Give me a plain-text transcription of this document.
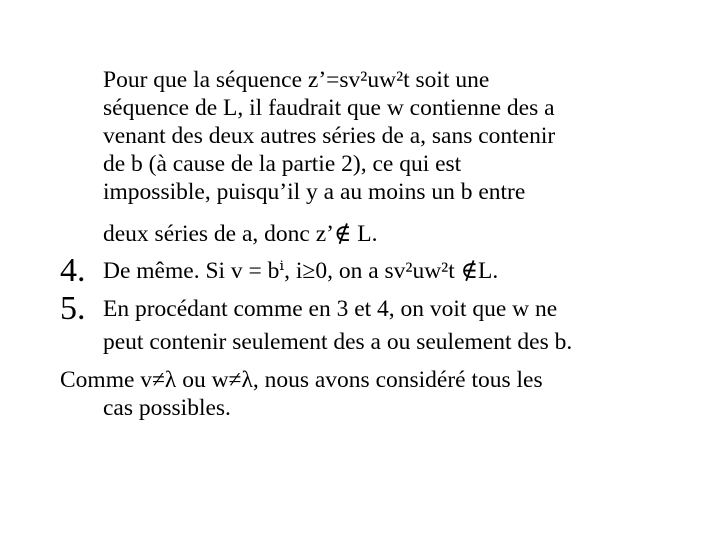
Pour que la séquence z’=sv²uw²t soit une
séquence de L, il faudrait que w contienne des a
venant des deux autres séries de a, sans contenir
de b (à cause de la partie 2), ce qui est
impossible, puisqu’il y a au moins un b entre
deux séries de a, donc z’∉ L.
4. De même. Si v = bⁱ, i≥0, on a sv²uw²t ∉L.
5. En procédant comme en 3 et 4, on voit que w ne
peut contenir seulement des a ou seulement des b.
Comme v≠λ ou w≠λ, nous avons considéré tous les
cas possibles.
